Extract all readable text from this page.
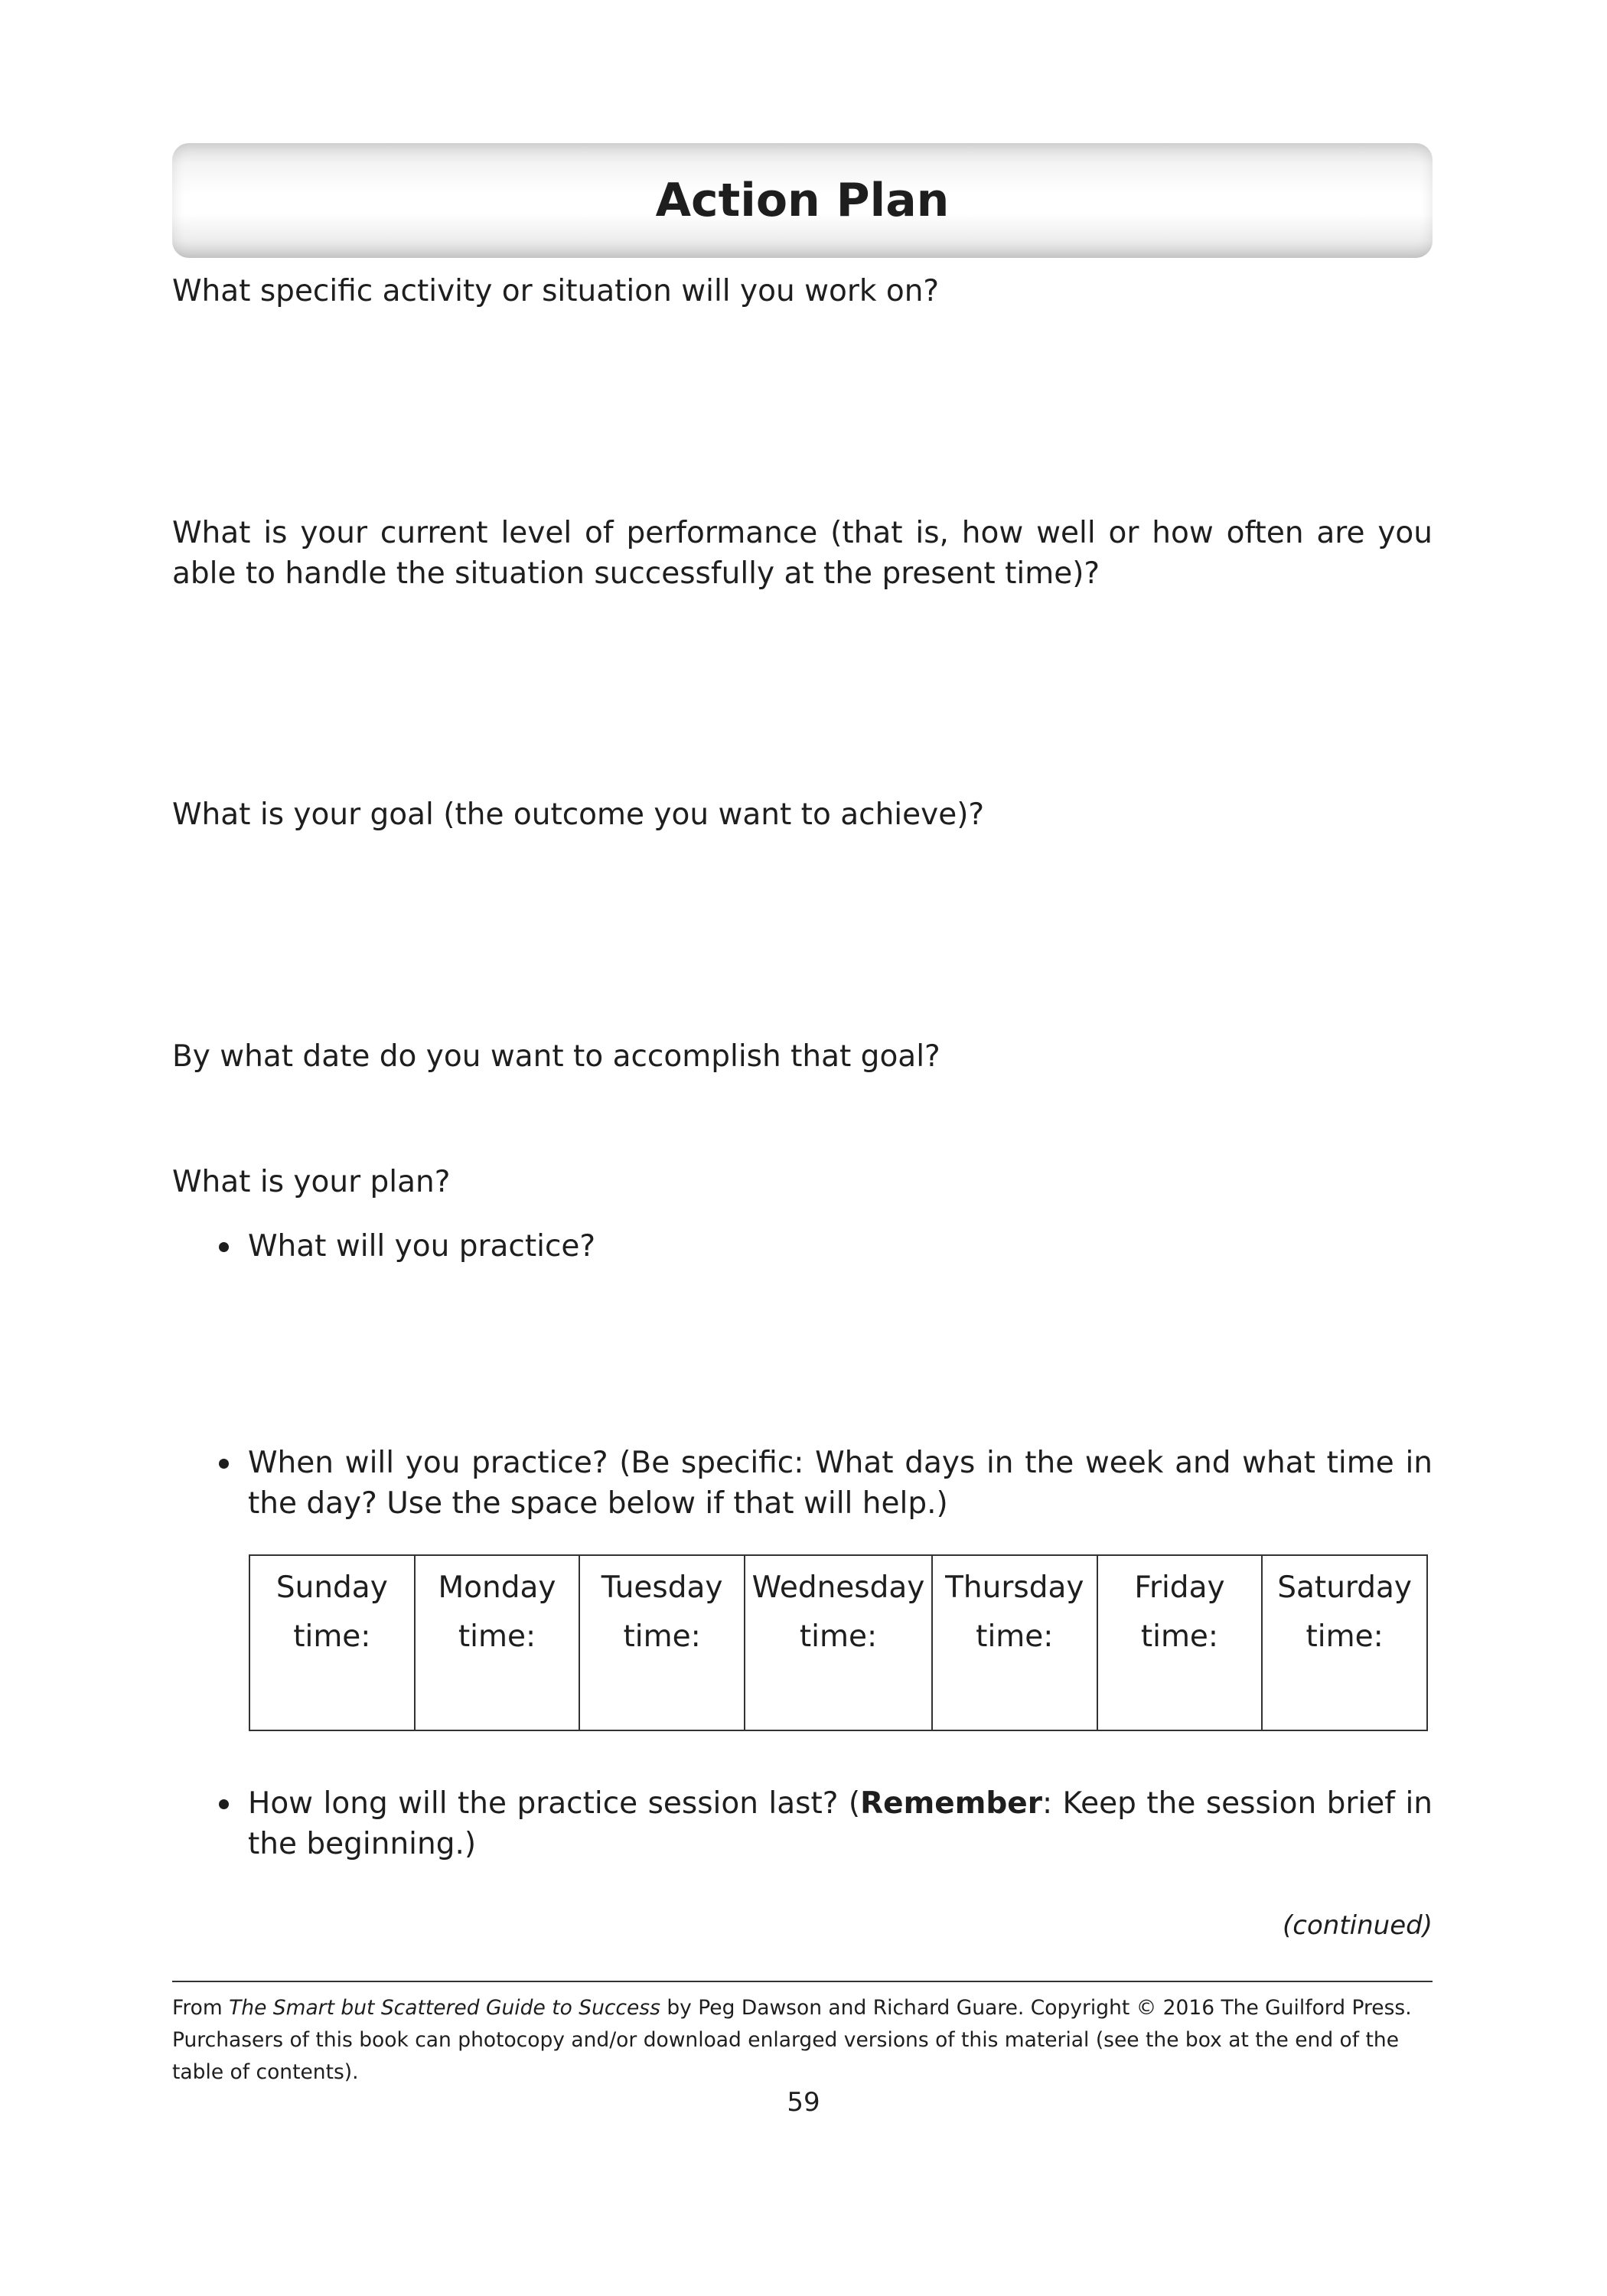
Action Plan

What specific activity or situation will you work on?

What is your current level of performance (that is, how well or how often are you able to handle the situation successfully at the present time)?

What is your goal (the outcome you want to achieve)?

By what date do you want to accomplish that goal?

What is your plan?

What will you practice?

When will you practice? (Be specific: What days in the week and what time in the day? Use the space below if that will help.)

Sunday
time:	Monday
time:	Tuesday
time:	Wednesday
time:	Thursday
time:	Friday
time:	Saturday
time:

How long will the practice session last? (Remember: Keep the session brief in the beginning.)

(continued)

From The Smart but Scattered Guide to Success by Peg Dawson and Richard Guare. Copyright © 2016 The Guilford Press. Purchasers of this book can photocopy and/or download enlarged versions of this material (see the box at the end of the table of contents).

59
